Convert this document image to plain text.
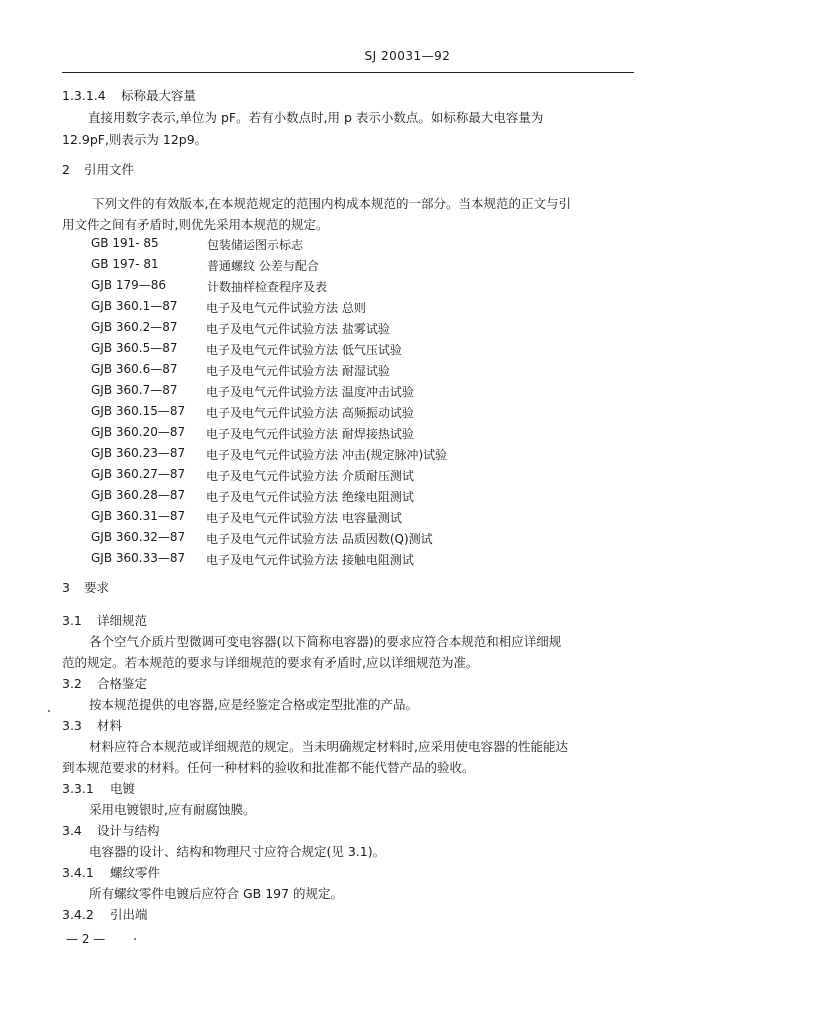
SJ 20031—92
1.3.1.4 标称最大容量
直接用数字表示,单位为 pF。若有小数点时,用 p 表示小数点。如标称最大电容量为
12.9pF,则表示为 12p9。
2 引用文件
下列文件的有效版本,在本规范规定的范围内构成本规范的一部分。当本规范的正文与引
用文件之间有矛盾时,则优先采用本规范的规定。
GB 191- 85	包装储运图示标志
GB 197- 81	普通螺纹 公差与配合
GJB 179—86	计数抽样检查程序及表
GJB 360.1—87 电子及电气元件试验方法 总则
GJB 360.2—87 电子及电气元件试验方法 盐雾试验
GJB 360.5—87 电子及电气元件试验方法 低气压试验
GJB 360.6—87 电子及电气元件试验方法 耐湿试验
GJB 360.7—87 电子及电气元件试验方法 温度冲击试验
GJB 360.15—87 电子及电气元件试验方法 高频振动试验
GJB 360.20—87 电子及电气元件试验方法 耐焊接热试验
GJB 360.23—87 电子及电气元件试验方法 冲击(规定脉冲)试验
GJB 360.27—87 电子及电气元件试验方法 介质耐压测试
GJB 360.28—87 电子及电气元件试验方法 绝缘电阻测试
GJB 360.31—87 电子及电气元件试验方法 电容量测试
GJB 360.32—87 电子及电气元件试验方法 品质因数(Q)测试
GJB 360.33—87 电子及电气元件试验方法 接触电阻测试
3 要求
3.1 详细规范
各个空气介质片型微调可变电容器(以下简称电容器)的要求应符合本规范和相应详细规
范的规定。若本规范的要求与详细规范的要求有矛盾时,应以详细规范为准。
3.2 合格鉴定
按本规范提供的电容器,应是经鉴定合格或定型批准的产品。
3.3 材料
材料应符合本规范或详细规范的规定。当未明确规定材料时,应采用使电容器的性能能达
到本规范要求的材料。任何一种材料的验收和批准都不能代替产品的验收。
3.3.1 电镀
采用电镀银时,应有耐腐蚀膜。
3.4 设计与结构
电容器的设计、结构和物理尺寸应符合规定(见 3.1)。
3.4.1 螺纹零件
所有螺纹零件电镀后应符合 GB 197 的规定。
3.4.2 引出端
— 2 —
